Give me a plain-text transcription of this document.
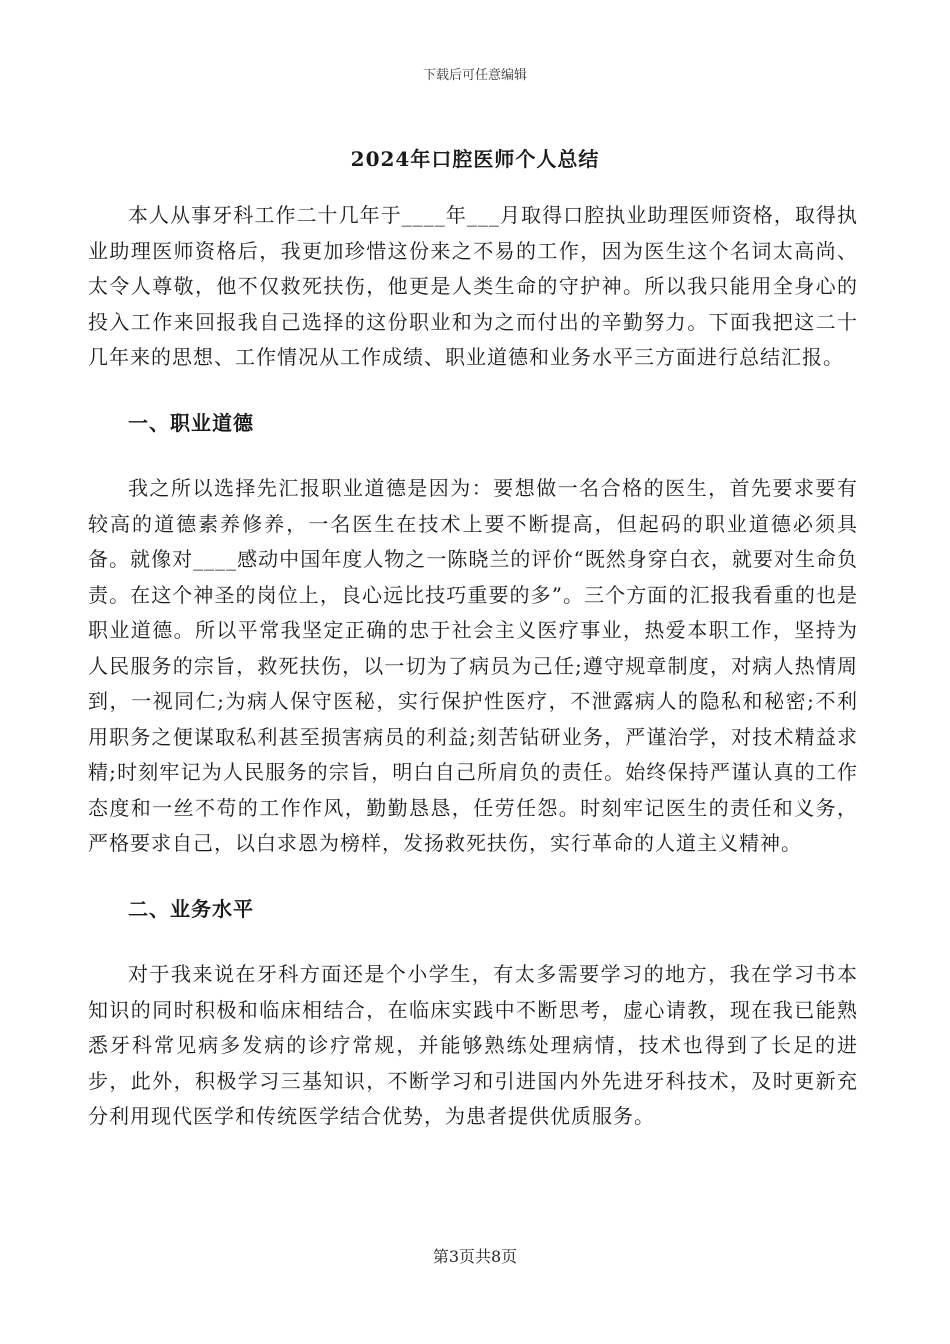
下载后可任意编辑
2024年口腔医师个人总结

本人从事牙科工作二十几年于____年___月取得口腔执业助理医师资格，取得执业助理医师资格后，我更加珍惜这份来之不易的工作，因为医生这个名词太高尚、太令人尊敬，他不仅救死扶伤，他更是人类生命的守护神。所以我只能用全身心的投入工作来回报我自己选择的这份职业和为之而付出的辛勤努力。下面我把这二十几年来的思想、工作情况从工作成绩、职业道德和业务水平三方面进行总结汇报。

一、职业道德

我之所以选择先汇报职业道德是因为：要想做一名合格的医生，首先要求要有较高的道德素养修养，一名医生在技术上要不断提高，但起码的职业道德必须具备。就像对____感动中国年度人物之一陈晓兰的评价“既然身穿白衣，就要对生命负责。在这个神圣的岗位上，良心远比技巧重要的多”。三个方面的汇报我看重的也是职业道德。所以平常我坚定正确的忠于社会主义医疗事业，热爱本职工作，坚持为人民服务的宗旨，救死扶伤，以一切为了病员为己任;遵守规章制度，对病人热情周到，一视同仁;为病人保守医秘，实行保护性医疗，不泄露病人的隐私和秘密;不利用职务之便谋取私利甚至损害病员的利益;刻苦钻研业务，严谨治学，对技术精益求精;时刻牢记为人民服务的宗旨，明白自己所肩负的责任。始终保持严谨认真的工作态度和一丝不苟的工作作风，勤勤恳恳，任劳任怨。时刻牢记医生的责任和义务，严格要求自己，以白求恩为榜样，发扬救死扶伤，实行革命的人道主义精神。

二、业务水平

对于我来说在牙科方面还是个小学生，有太多需要学习的地方，我在学习书本知识的同时积极和临床相结合，在临床实践中不断思考，虚心请教，现在我已能熟悉牙科常见病多发病的诊疗常规，并能够熟练处理病情，技术也得到了长足的进步，此外，积极学习三基知识，不断学习和引进国内外先进牙科技术，及时更新充分利用现代医学和传统医学结合优势，为患者提供优质服务。

第3页共8页
